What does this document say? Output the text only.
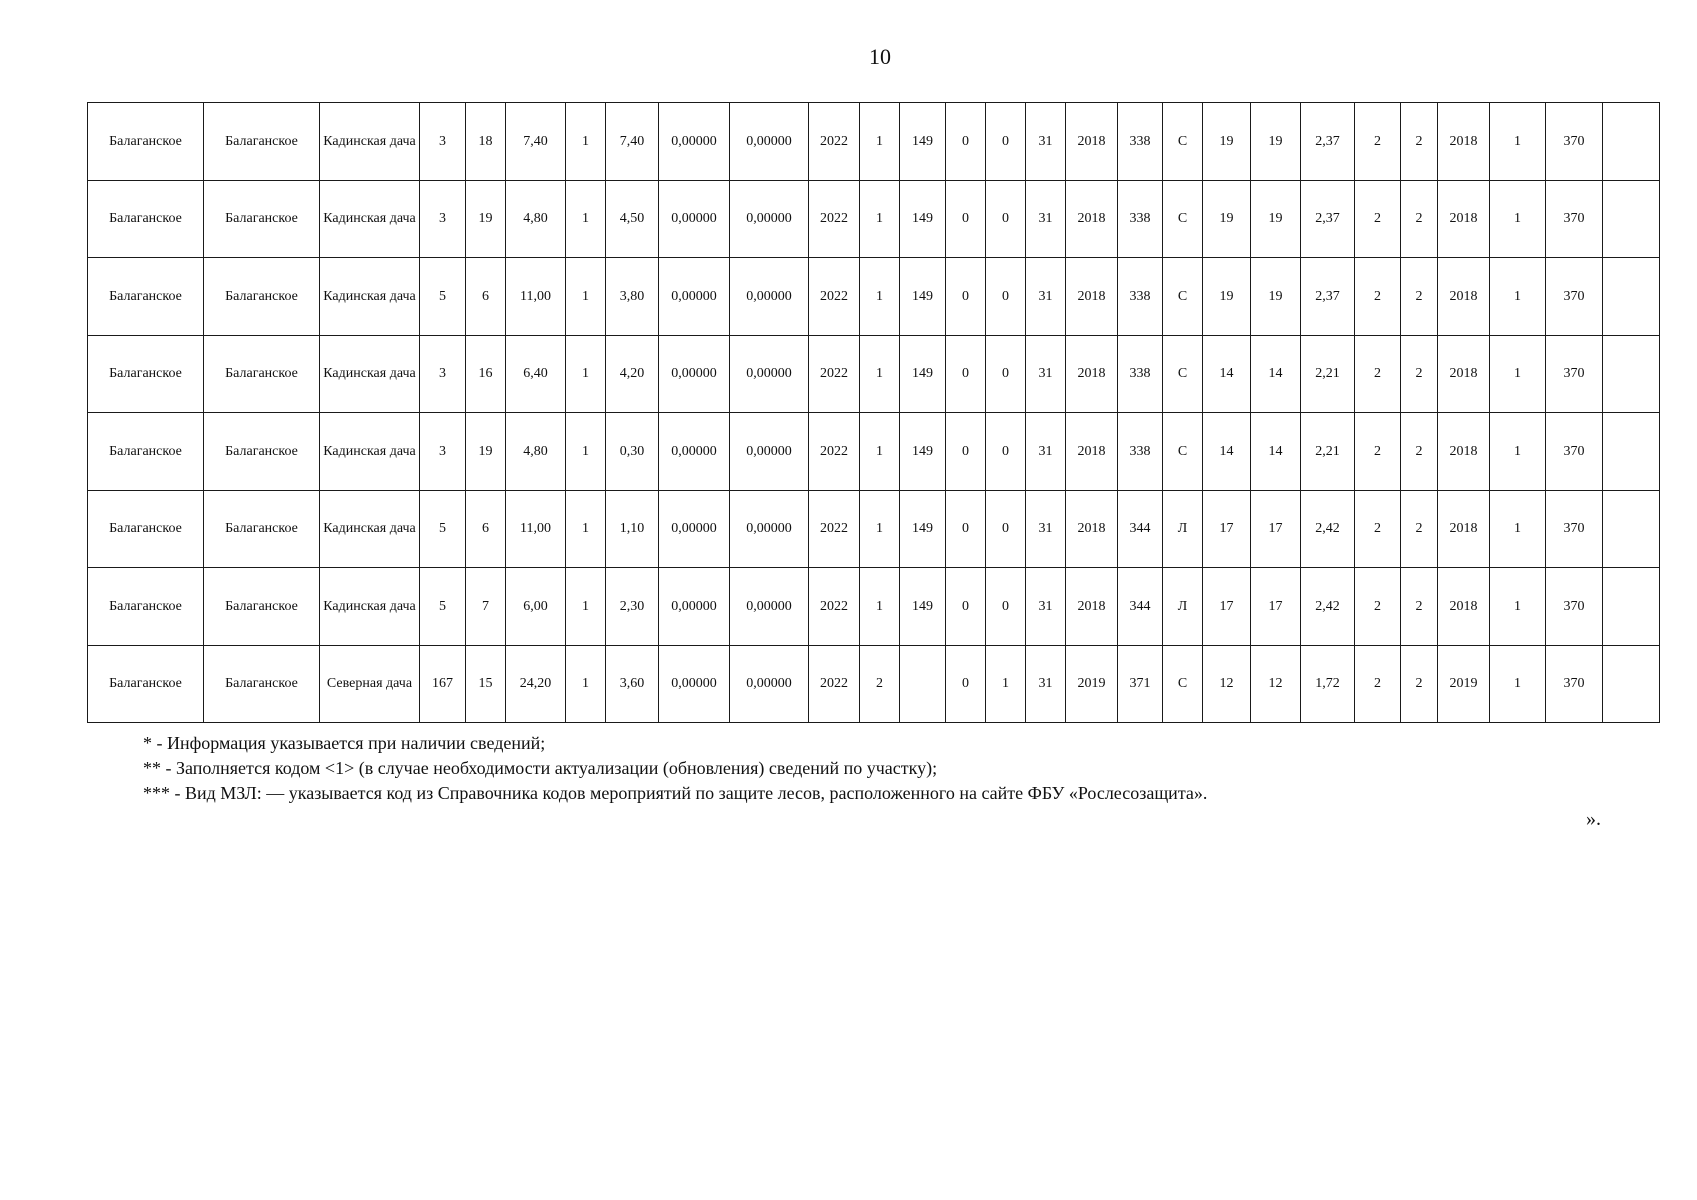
10
Балаганское	Балаганское	Кадинская дача	3	18	7,40	1	7,40	0,00000	0,00000	2022	1	149	0	0	31	2018	338	С	19	19	2,37	2	2	2018	1	370	
Балаганское	Балаганское	Кадинская дача	3	19	4,80	1	4,50	0,00000	0,00000	2022	1	149	0	0	31	2018	338	С	19	19	2,37	2	2	2018	1	370	
Балаганское	Балаганское	Кадинская дача	5	6	11,00	1	3,80	0,00000	0,00000	2022	1	149	0	0	31	2018	338	С	19	19	2,37	2	2	2018	1	370	
Балаганское	Балаганское	Кадинская дача	3	16	6,40	1	4,20	0,00000	0,00000	2022	1	149	0	0	31	2018	338	С	14	14	2,21	2	2	2018	1	370	
Балаганское	Балаганское	Кадинская дача	3	19	4,80	1	0,30	0,00000	0,00000	2022	1	149	0	0	31	2018	338	С	14	14	2,21	2	2	2018	1	370	
Балаганское	Балаганское	Кадинская дача	5	6	11,00	1	1,10	0,00000	0,00000	2022	1	149	0	0	31	2018	344	Л	17	17	2,42	2	2	2018	1	370	
Балаганское	Балаганское	Кадинская дача	5	7	6,00	1	2,30	0,00000	0,00000	2022	1	149	0	0	31	2018	344	Л	17	17	2,42	2	2	2018	1	370	
Балаганское	Балаганское	Северная дача	167	15	24,20	1	3,60	0,00000	0,00000	2022	2		0	1	31	2019	371	С	12	12	1,72	2	2	2019	1	370	
* - Информация указывается при наличии сведений;
** - Заполняется кодом <1> (в случае необходимости актуализации (обновления) сведений по участку);
*** - Вид МЗЛ: — указывается код из Справочника кодов мероприятий по защите лесов, расположенного на сайте ФБУ «Рослесозащита».
».
